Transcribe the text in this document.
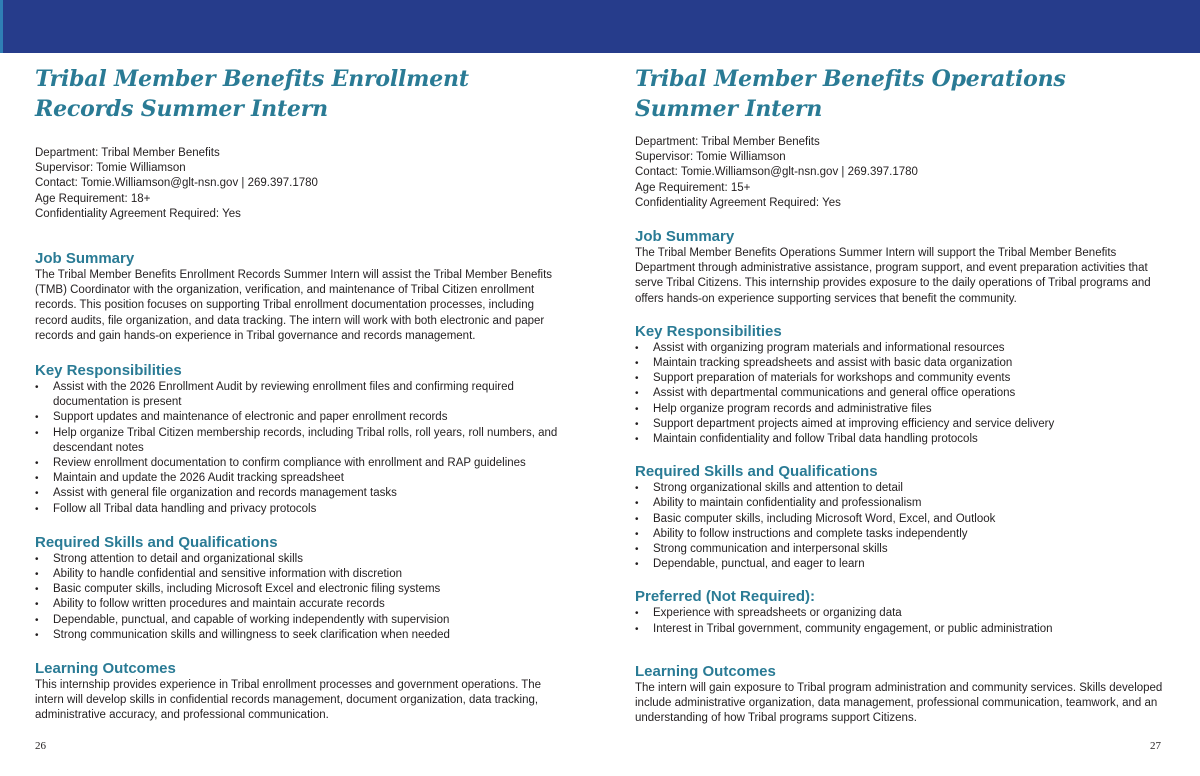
Tribal Member Benefits Enrollment Records Summer Intern
Department: Tribal Member Benefits
Supervisor: Tomie Williamson
Contact: Tomie.Williamson@glt-nsn.gov | 269.397.1780
Age Requirement: 18+
Confidentiality Agreement Required: Yes
Job Summary

The Tribal Member Benefits Enrollment Records Summer Intern will assist the Tribal Member Benefits (TMB) Coordinator with the organization, verification, and maintenance of Tribal Citizen enrollment records. This position focuses on supporting Tribal enrollment documentation processes, including record audits, file organization, and data tracking. The intern will work with both electronic and paper records and gain hands-on experience in Tribal governance and records management.

Key Responsibilities
• Assist with the 2026 Enrollment Audit by reviewing enrollment files and confirming required documentation is present
• Support updates and maintenance of electronic and paper enrollment records
• Help organize Tribal Citizen membership records, including Tribal rolls, roll years, roll numbers, and descendant notes
• Review enrollment documentation to confirm compliance with enrollment and RAP guidelines
• Maintain and update the 2026 Audit tracking spreadsheet
• Assist with general file organization and records management tasks
• Follow all Tribal data handling and privacy protocols
Required Skills and Qualifications
• Strong attention to detail and organizational skills
• Ability to handle confidential and sensitive information with discretion
• Basic computer skills, including Microsoft Excel and electronic filing systems
• Ability to follow written procedures and maintain accurate records
• Dependable, punctual, and capable of working independently with supervision
• Strong communication skills and willingness to seek clarification when needed
Learning Outcomes

This internship provides experience in Tribal enrollment processes and government operations. The intern will develop skills in confidential records management, document organization, data tracking, administrative accuracy, and professional communication.

Tribal Member Benefits Operations Summer Intern
Department: Tribal Member Benefits
Supervisor: Tomie Williamson
Contact: Tomie.Williamson@glt-nsn.gov | 269.397.1780
Age Requirement: 15+
Confidentiality Agreement Required: Yes
Job Summary

The Tribal Member Benefits Operations Summer Intern will support the Tribal Member Benefits Department through administrative assistance, program support, and event preparation activities that serve Tribal Citizens. This internship provides exposure to the daily operations of Tribal programs and offers hands-on experience supporting services that benefit the community.

Key Responsibilities
• Assist with organizing program materials and informational resources
• Maintain tracking spreadsheets and assist with basic data organization
• Support preparation of materials for workshops and community events
• Assist with departmental communications and general office operations
• Help organize program records and administrative files
• Support department projects aimed at improving efficiency and service delivery
• Maintain confidentiality and follow Tribal data handling protocols
Required Skills and Qualifications
• Strong organizational skills and attention to detail
• Ability to maintain confidentiality and professionalism
• Basic computer skills, including Microsoft Word, Excel, and Outlook
• Ability to follow instructions and complete tasks independently
• Strong communication and interpersonal skills
• Dependable, punctual, and eager to learn
Preferred (Not Required):
• Experience with spreadsheets or organizing data
• Interest in Tribal government, community engagement, or public administration
Learning Outcomes

The intern will gain exposure to Tribal program administration and community services. Skills developed include administrative organization, data management, professional communication, teamwork, and an understanding of how Tribal programs support Citizens.

26	27
